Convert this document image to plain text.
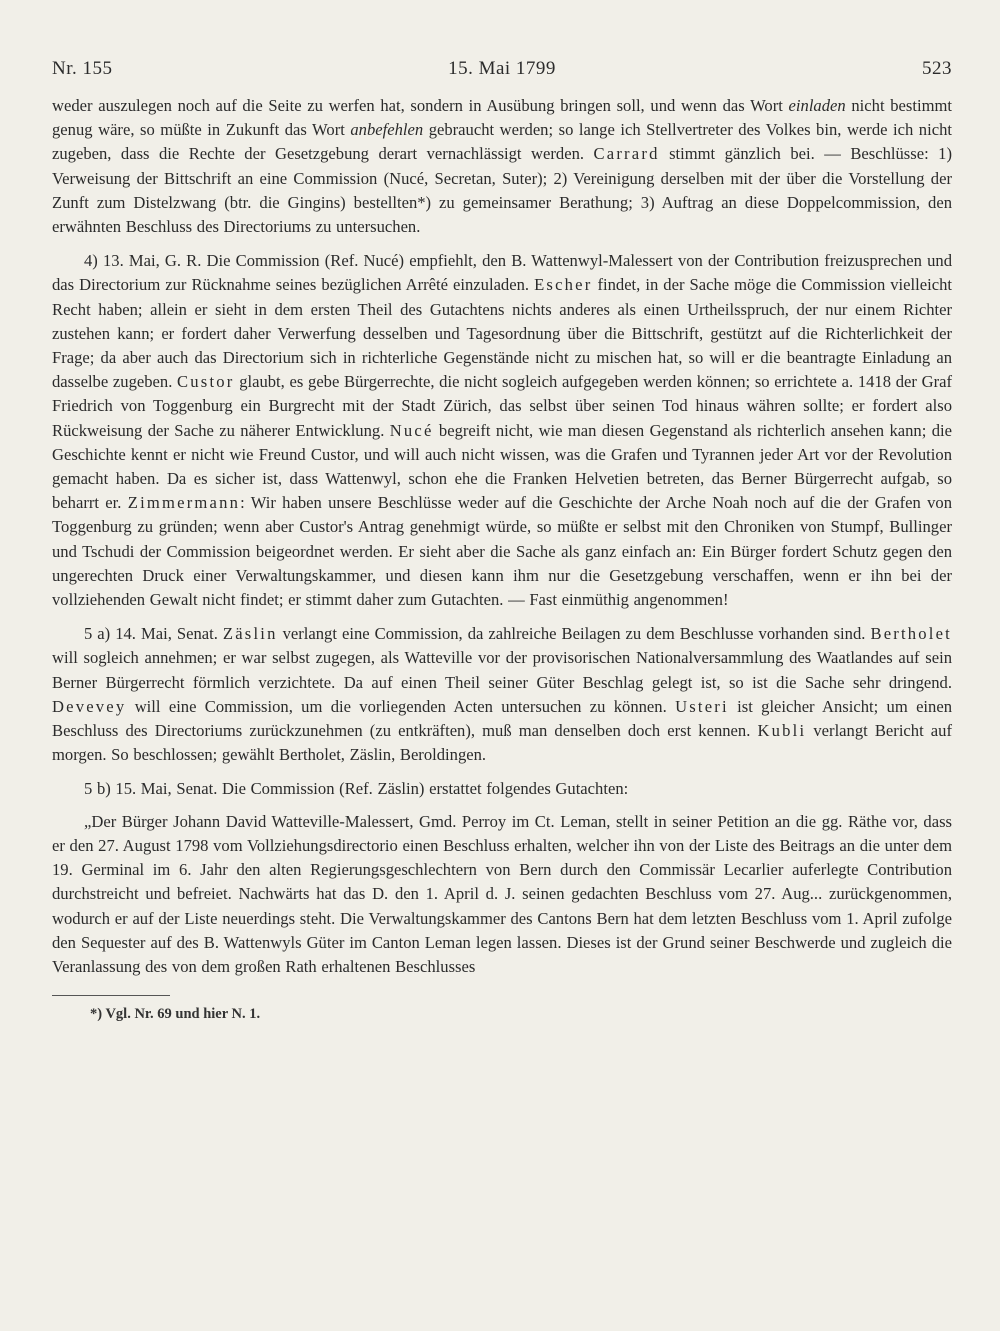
Nr. 155	15. Mai 1799	523

weder auszulegen noch auf die Seite zu werfen hat, sondern in Ausübung bringen soll, und wenn das Wort einladen nicht bestimmt genug wäre, so müßte in Zukunft das Wort anbefehlen gebraucht werden; so lange ich Stellvertreter des Volkes bin, werde ich nicht zugeben, dass die Rechte der Gesetzgebung derart vernachlässigt werden. Carrard stimmt gänzlich bei. — Beschlüsse: 1) Verweisung der Bittschrift an eine Commission (Nucé, Secretan, Suter); 2) Vereinigung derselben mit der über die Vorstellung der Zunft zum Distelzwang (btr. die Gingins) bestellten*) zu gemeinsamer Berathung; 3) Auftrag an diese Doppelcommission, den erwähnten Beschluss des Directoriums zu untersuchen.

4) 13. Mai, G. R. Die Commission (Ref. Nucé) empfiehlt, den B. Wattenwyl-Malessert von der Contribution freizusprechen und das Directorium zur Rücknahme seines bezüglichen Arrêté einzuladen. Escher findet, in der Sache möge die Commission vielleicht Recht haben; allein er sieht in dem ersten Theil des Gutachtens nichts anderes als einen Urtheilsspruch, der nur einem Richter zustehen kann; er fordert daher Verwerfung desselben und Tagesordnung über die Bittschrift, gestützt auf die Richterlichkeit der Frage; da aber auch das Directorium sich in richterliche Gegenstände nicht zu mischen hat, so will er die beantragte Einladung an dasselbe zugeben. Custor glaubt, es gebe Bürgerrechte, die nicht sogleich aufgegeben werden können; so errichtete a. 1418 der Graf Friedrich von Toggenburg ein Burgrecht mit der Stadt Zürich, das selbst über seinen Tod hinaus währen sollte; er fordert also Rückweisung der Sache zu näherer Entwicklung. Nucé begreift nicht, wie man diesen Gegenstand als richterlich ansehen kann; die Geschichte kennt er nicht wie Freund Custor, und will auch nicht wissen, was die Grafen und Tyrannen jeder Art vor der Revolution gemacht haben. Da es sicher ist, dass Wattenwyl, schon ehe die Franken Helvetien betreten, das Berner Bürgerrecht aufgab, so beharrt er. Zimmermann: Wir haben unsere Beschlüsse weder auf die Geschichte der Arche Noah noch auf die der Grafen von Toggenburg zu gründen; wenn aber Custor's Antrag genehmigt würde, so müßte er selbst mit den Chroniken von Stumpf, Bullinger und Tschudi der Commission beigeordnet werden. Er sieht aber die Sache als ganz einfach an: Ein Bürger fordert Schutz gegen den ungerechten Druck einer Verwaltungskammer, und diesen kann ihm nur die Gesetzgebung verschaffen, wenn er ihn bei der vollziehenden Gewalt nicht findet; er stimmt daher zum Gutachten. — Fast einmüthig angenommen!

5 a) 14. Mai, Senat. Zäslin verlangt eine Commission, da zahlreiche Beilagen zu dem Beschlusse vorhanden sind. Bertholet will sogleich annehmen; er war selbst zugegen, als Watteville vor der provisorischen Nationalversammlung des Waatlandes auf sein Berner Bürgerrecht förmlich verzichtete. Da auf einen Theil seiner Güter Beschlag gelegt ist, so ist die Sache sehr dringend. Devevey will eine Commission, um die vorliegenden Acten untersuchen zu können. Usteri ist gleicher Ansicht; um einen Beschluss des Directoriums zurückzunehmen (zu entkräften), muß man denselben doch erst kennen. Kubli verlangt Bericht auf morgen. So beschlossen; gewählt Bertholet, Zäslin, Beroldingen.

5 b) 15. Mai, Senat. Die Commission (Ref. Zäslin) erstattet folgendes Gutachten:

„Der Bürger Johann David Watteville-Malessert, Gmd. Perroy im Ct. Leman, stellt in seiner Petition an die gg. Räthe vor, dass er den 27. August 1798 vom Vollziehungsdirectorio einen Beschluss erhalten, welcher ihn von der Liste des Beitrags an die unter dem 19. Germinal im 6. Jahr den alten Regierungsgeschlechtern von Bern durch den Commissär Lecarlier auferlegte Contribution durchstreicht und befreiet. Nachwärts hat das D. den 1. April d. J. seinen gedachten Beschluss vom 27. Aug... zurückgenommen, wodurch er auf der Liste neuerdings steht. Die Verwaltungskammer des Cantons Bern hat dem letzten Beschluss vom 1. April zufolge den Sequester auf des B. Wattenwyls Güter im Canton Leman legen lassen. Dieses ist der Grund seiner Beschwerde und zugleich die Veranlassung des von dem großen Rath erhaltenen Beschlusses

*) Vgl. Nr. 69 und hier N. 1.
